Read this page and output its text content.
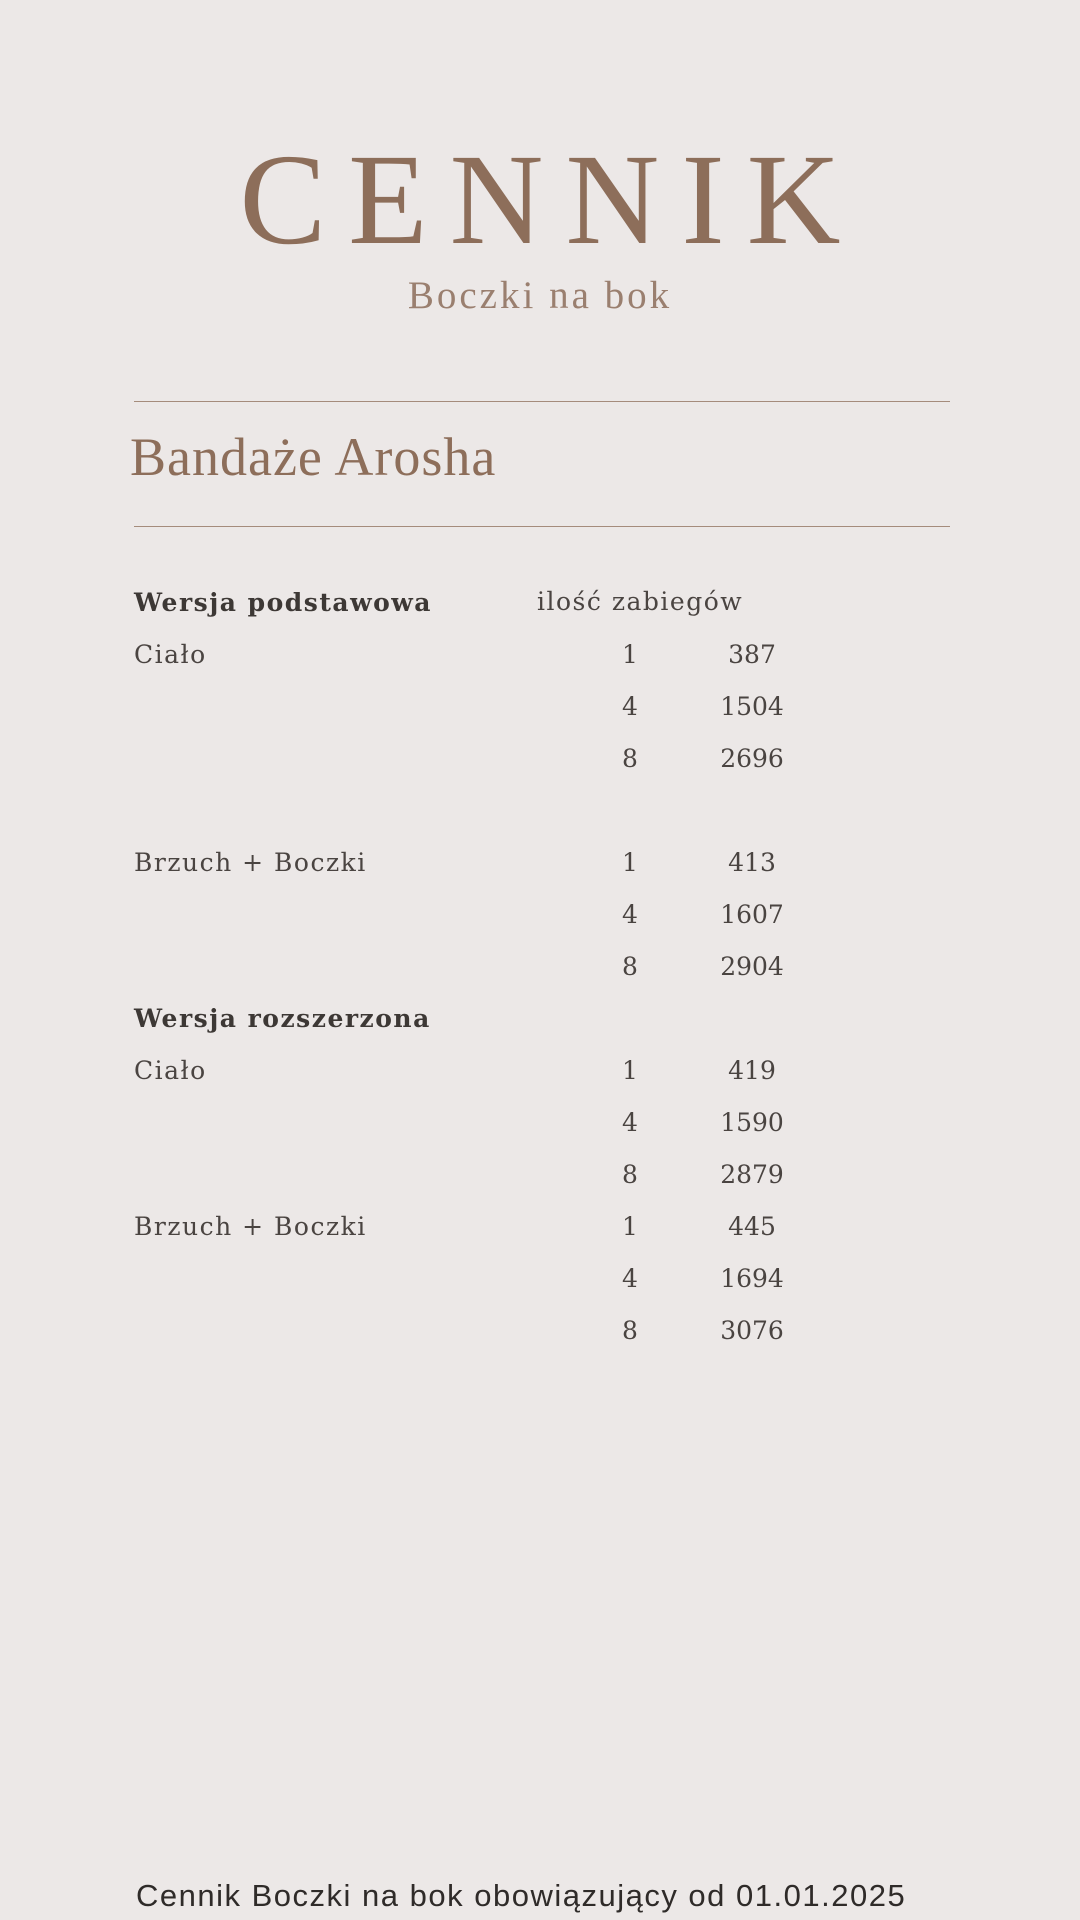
CENNIK
Boczki na bok
Bandaże Arosha
Wersja podstawowa	ilość zabiegów
Ciało	1	387
4	1504
8	2696
Brzuch + Boczki	1	413
4	1607
8	2904
Wersja rozszerzona
Ciało	1	419
4	1590
8	2879
Brzuch + Boczki	1	445
4	1694
8	3076
Cennik Boczki na bok obowiązujący od 01.01.2025
